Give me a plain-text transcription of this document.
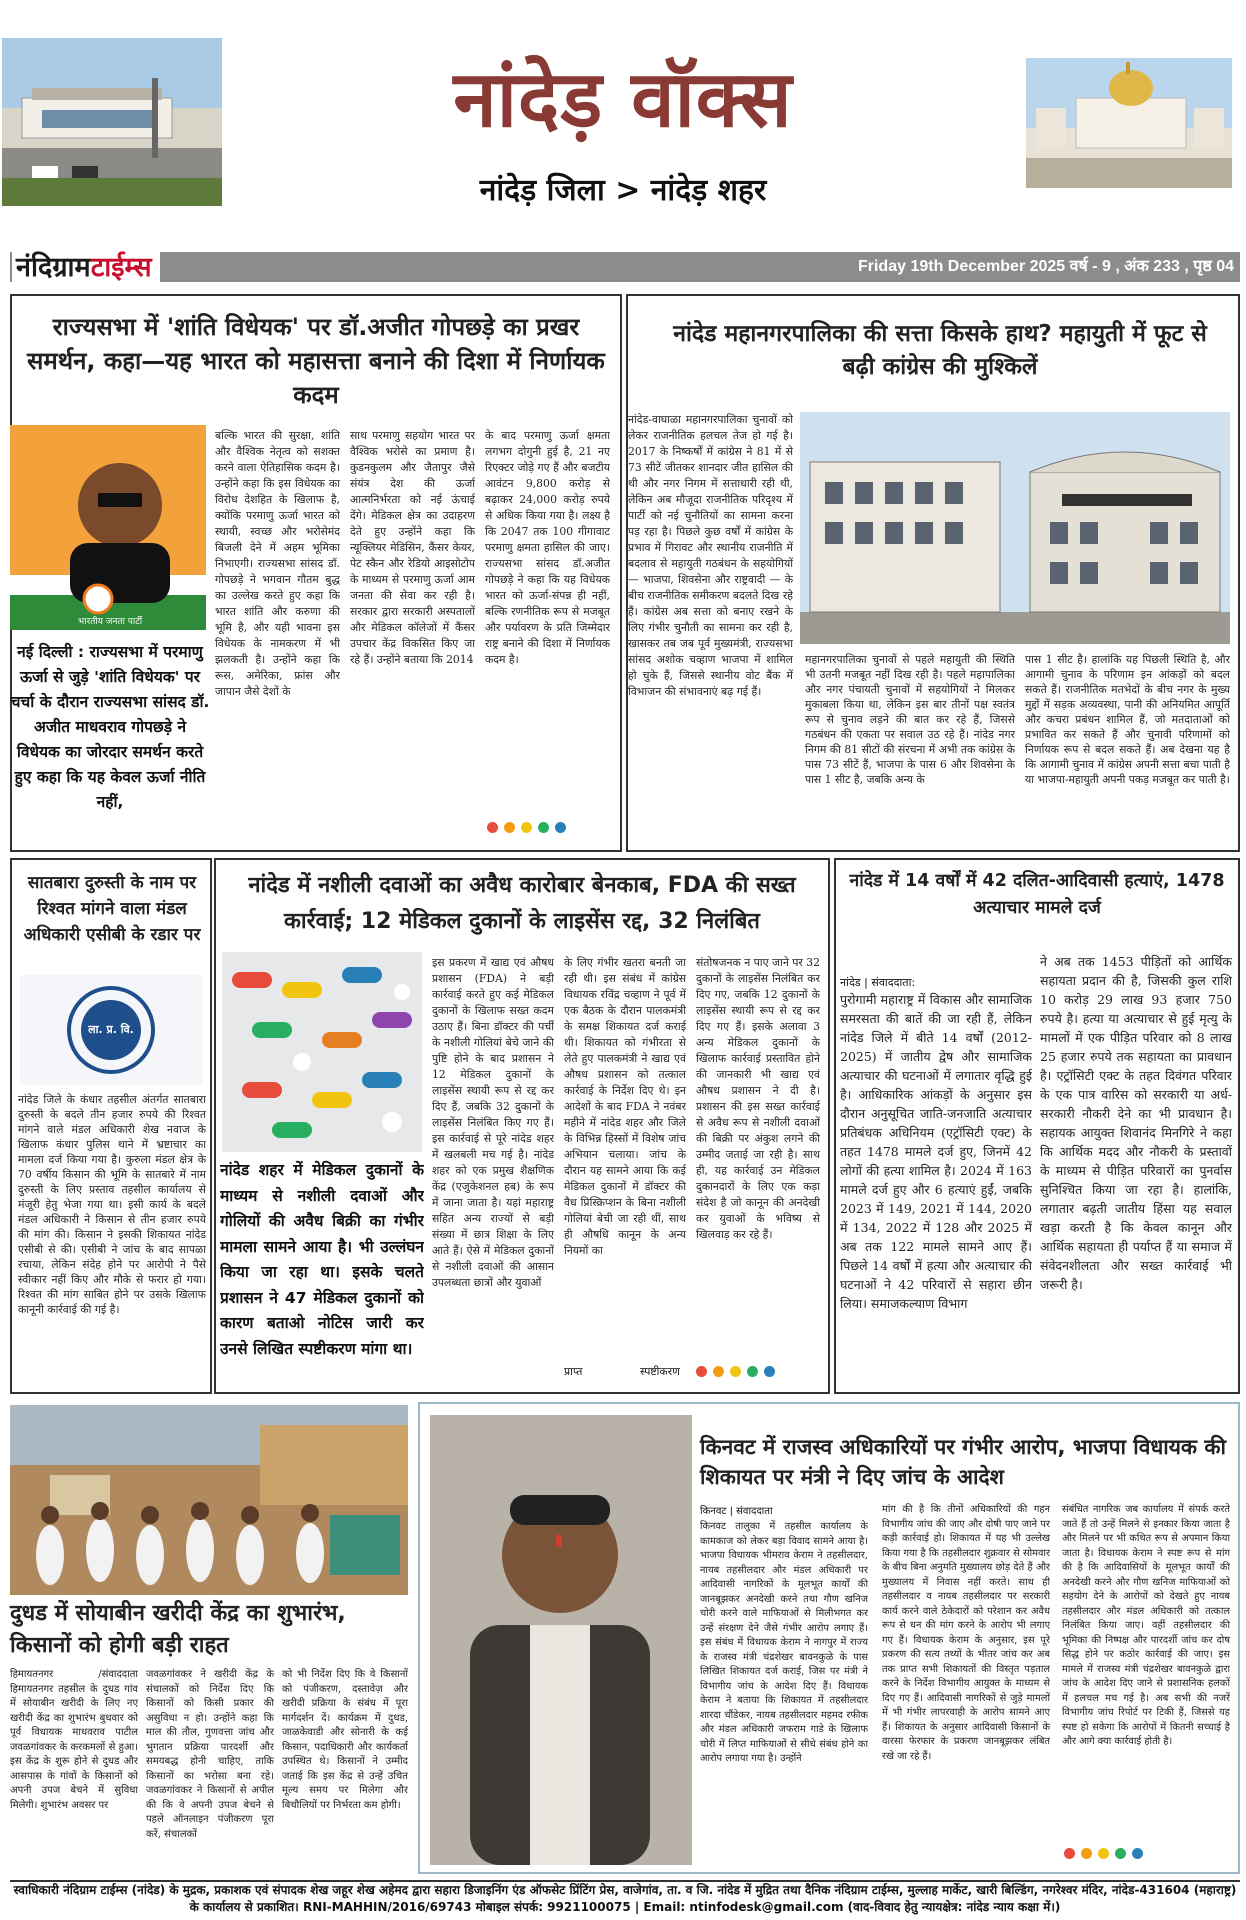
नांदेड़ वॉक्स
नांदेड़ जिला > नांदेड़ शहर
नंदिग्रामटाईम्स	Friday 19th December 2025 वर्ष - 9 , अंक 233 , पृष्ठ 04
राज्यसभा में 'शांति विधेयक' पर डॉ.अजीत गोपछड़े का प्रखर समर्थन, कहा—यह भारत को महासत्ता बनाने की दिशा में निर्णायक कदम
भारतीय जनता पार्टी
नई दिल्ली : राज्यसभा में परमाणु ऊर्जा से जुड़े 'शांति विधेयक' पर चर्चा के दौरान राज्यसभा सांसद डॉ. अजीत माधवराव गोपछड़े ने विधेयक का जोरदार समर्थन करते हुए कहा कि यह केवल ऊर्जा नीति नहीं,
बल्कि भारत की सुरक्षा, शांति और वैश्विक नेतृत्व को सशक्त करने वाला ऐतिहासिक कदम है। उन्होंने कहा कि इस विधेयक का विरोध देशहित के खिलाफ है, क्योंकि परमाणु ऊर्जा भारत को स्थायी, स्वच्छ और भरोसेमंद बिजली देने में अहम भूमिका निभाएगी। राज्यसभा सांसद डॉ. गोपछड़े ने भगवान गौतम बुद्ध का उल्लेख करते हुए कहा कि भारत शांति और करुणा की भूमि है, और यही भावना इस विधेयक के नामकरण में भी झलकती है। उन्होंने कहा कि रूस, अमेरिका, फ्रांस और जापान जैसे देशों के
साथ परमाणु सहयोग भारत पर वैश्विक भरोसे का प्रमाण है। कुडनकुलम और जैतापुर जैसे संयंत्र देश की ऊर्जा आत्मनिर्भरता को नई ऊंचाई देंगे। मेडिकल क्षेत्र का उदाहरण देते हुए उन्होंने कहा कि न्यूक्लियर मेडिसिन, कैंसर केयर, पेट स्कैन और रेडियो आइसोटोप के माध्यम से परमाणु ऊर्जा आम जनता की सेवा कर रही है। सरकार द्वारा सरकारी अस्पतालों और मेडिकल कॉलेजों में कैंसर उपचार केंद्र विकसित किए जा रहे हैं। उन्होंने बताया कि 2014
के बाद परमाणु ऊर्जा क्षमता लगभग दोगुनी हुई है, 21 नए रिएक्टर जोड़े गए हैं और बजटीय आवंटन 9,800 करोड़ से बढ़ाकर 24,000 करोड़ रुपये से अधिक किया गया है। लक्ष्य है कि 2047 तक 100 गीगावाट परमाणु क्षमता हासिल की जाए। राज्यसभा सांसद डॉ.अजीत गोपछड़े ने कहा कि यह विधेयक भारत को ऊर्जा-संपन्न ही नहीं, बल्कि रणनीतिक रूप से मजबूत और पर्यावरण के प्रति जिम्मेदार राष्ट्र बनाने की दिशा में निर्णायक कदम है।
नांदेड महानगरपालिका की सत्ता किसके हाथ? महायुती में फूट से बढ़ी कांग्रेस की मुश्किलें
नांदेड-वाघाळा महानगरपालिका चुनावों को लेकर राजनीतिक हलचल तेज हो गई है। 2017 के निष्कर्षों में कांग्रेस ने 81 में से 73 सीटें जीतकर शानदार जीत हासिल की थी और नगर निगम में सत्ताधारी रही थी, लेकिन अब मौजूदा राजनीतिक परिदृश्य में पार्टी को नई चुनौतियों का सामना करना पड़ रहा है। पिछले कुछ वर्षों में कांग्रेस के प्रभाव में गिरावट और स्थानीय राजनीति में बदलाव से महायुती गठबंधन के सहयोगियों — भाजपा, शिवसेना और राष्ट्रवादी — के बीच राजनीतिक समीकरण बदलते दिख रहे हैं। कांग्रेस अब सत्ता को बनाए रखने के लिए गंभीर चुनौती का सामना कर रही है, खासकर तब जब पूर्व मुख्यमंत्री, राज्यसभा सांसद अशोक चव्हाण भाजपा में शामिल हो चुके हैं, जिससे स्थानीय वोट बैंक में विभाजन की संभावनाएं बढ़ गई हैं।
महानगरपालिका चुनावों से पहले महायुती की स्थिति भी उतनी मजबूत नहीं दिख रही है। पहले महापालिका और नगर पंचायती चुनावों में सहयोगियों ने मिलकर मुकाबला किया था, लेकिन इस बार तीनों पक्ष स्वतंत्र रूप से चुनाव लड़ने की बात कर रहे हैं, जिससे गठबंधन की एकता पर सवाल उठ रहे हैं। नांदेड नगर निगम की 81 सीटों की संरचना में अभी तक कांग्रेस के पास 73 सीटें हैं, भाजपा के पास 6 और शिवसेना के पास 1 सीट है, जबकि अन्य के
पास 1 सीट है। हालांकि यह पिछली स्थिति है, और आगामी चुनाव के परिणाम इन आंकड़ों को बदल सकते हैं। राजनीतिक मतभेदों के बीच नगर के मुख्य मुद्दों में सड़क अव्यवस्था, पानी की अनियमित आपूर्ति और कचरा प्रबंधन शामिल हैं, जो मतदाताओं को प्रभावित कर सकते हैं और चुनावी परिणामों को निर्णायक रूप से बदल सकते हैं। अब देखना यह है कि आगामी चुनाव में कांग्रेस अपनी सत्ता बचा पाती है या भाजपा-महायुती अपनी पकड़ मजबूत कर पाती है।
सातबारा दुरुस्ती के नाम पर रिश्वत मांगने वाला मंडल अधिकारी एसीबी के रडार पर
ला. प्र. वि.
नांदेड जिले के कंधार तहसील अंतर्गत सातबारा दुरुस्ती के बदले तीन हजार रुपये की रिश्वत मांगने वाले मंडल अधिकारी शेख नवाज के खिलाफ कंधार पुलिस थाने में भ्रष्टाचार का मामला दर्ज किया गया है। कुरुला मंडल क्षेत्र के 70 वर्षीय किसान की भूमि के सातबारे में नाम दुरुस्ती के लिए प्रस्ताव तहसील कार्यालय से मंजूरी हेतु भेजा गया था। इसी कार्य के बदले मंडल अधिकारी ने किसान से तीन हजार रुपये की मांग की। किसान ने इसकी शिकायत नांदेड एसीबी से की। एसीबी ने जांच के बाद सापळा रचाया, लेकिन संदेह होने पर आरोपी ने पैसे स्वीकार नहीं किए और मौके से फरार हो गया। रिश्वत की मांग साबित होने पर उसके खिलाफ कानूनी कार्रवाई की गई है।
नांदेड में नशीली दवाओं का अवैध कारोबार बेनकाब, FDA की सख्त कार्रवाई; 12 मेडिकल दुकानों के लाइसेंस रद्द, 32 निलंबित
नांदेड शहर में मेडिकल दुकानों के माध्यम से नशीली दवाओं और गोलियों की अवैध बिक्री का गंभीर मामला सामने आया है। भी उल्लंघन किया जा रहा था। इसके चलते प्रशासन ने 47 मेडिकल दुकानों को कारण बताओ नोटिस जारी कर उनसे लिखित स्पष्टीकरण मांगा था।
इस प्रकरण में खाद्य एवं औषध प्रशासन (FDA) ने बड़ी कार्रवाई करते हुए कई मेडिकल दुकानों के खिलाफ सख्त कदम उठाए हैं। बिना डॉक्टर की पर्ची के नशीली गोलियां बेचे जाने की पुष्टि होने के बाद प्रशासन ने 12 मेडिकल दुकानों के लाइसेंस स्थायी रूप से रद्द कर दिए हैं, जबकि 32 दुकानों के लाइसेंस निलंबित किए गए हैं। इस कार्रवाई से पूरे नांदेड शहर में खलबली मच गई है। नांदेड शहर को एक प्रमुख शैक्षणिक केंद्र (एजुकेशनल हब) के रूप में जाना जाता है। यहां महाराष्ट्र सहित अन्य राज्यों से बड़ी संख्या में छात्र शिक्षा के लिए आते हैं। ऐसे में मेडिकल दुकानों से नशीली दवाओं की आसान उपलब्धता छात्रों और युवाओं
के लिए गंभीर खतरा बनती जा रही थी। इस संबंध में कांग्रेस विधायक रविंद्र चव्हाण ने पूर्व में एक बैठक के दौरान पालकमंत्री के समक्ष शिकायत दर्ज कराई थी। शिकायत को गंभीरता से लेते हुए पालकमंत्री ने खाद्य एवं औषध प्रशासन को तत्काल कार्रवाई के निर्देश दिए थे। इन आदेशों के बाद FDA ने नवंबर महीने में नांदेड शहर और जिले के विभिन्न हिस्सों में विशेष जांच अभियान चलाया। जांच के दौरान यह सामने आया कि कई मेडिकल दुकानों में डॉक्टर की वैध प्रिस्क्रिप्शन के बिना नशीली गोलियां बेची जा रही थीं, साथ ही औषधि कानून के अन्य नियमों का
संतोषजनक न पाए जाने पर 32 दुकानों के लाइसेंस निलंबित कर दिए गए, जबकि 12 दुकानों के लाइसेंस स्थायी रूप से रद्द कर दिए गए हैं। इसके अलावा 3 अन्य मेडिकल दुकानों के खिलाफ कार्रवाई प्रस्तावित होने की जानकारी भी खाद्य एवं औषध प्रशासन ने दी है। प्रशासन की इस सख्त कार्रवाई से अवैध रूप से नशीली दवाओं की बिक्री पर अंकुश लगने की उम्मीद जताई जा रही है। साथ ही, यह कार्रवाई उन मेडिकल दुकानदारों के लिए एक कड़ा संदेश है जो कानून की अनदेखी कर युवाओं के भविष्य से खिलवाड़ कर रहे हैं।
प्राप्त	स्पष्टीकरण
नांदेड में 14 वर्षों में 42 दलित-आदिवासी हत्याएं, 1478 अत्याचार मामले दर्ज
नांदेड | संवाददाता:
पुरोगामी महाराष्ट्र में विकास और सामाजिक समरसता की बातें की जा रही हैं, लेकिन नांदेड जिले में बीते 14 वर्षों (2012-2025) में जातीय द्वेष और सामाजिक अत्याचार की घटनाओं में लगातार वृद्धि हुई है। आधिकारिक आंकड़ों के अनुसार इस दौरान अनुसूचित जाति-जनजाति अत्याचार प्रतिबंधक अधिनियम (एट्रॉसिटी एक्ट) के तहत 1478 मामले दर्ज हुए, जिनमें 42 लोगों की हत्या शामिल है। 2024 में 163 मामले दर्ज हुए और 6 हत्याएं हुईं, जबकि 2023 में 149, 2021 में 144, 2020 में 134, 2022 में 128 और 2025 में अब तक 122 मामले सामने आए हैं। पिछले 14 वर्षों में हत्या और अत्याचार की घटनाओं ने 42 परिवारों से सहारा छीन लिया। समाजकल्याण विभाग
ने अब तक 1453 पीड़ितों को आर्थिक सहायता प्रदान की है, जिसकी कुल राशि 10 करोड़ 29 लाख 93 हजार 750 रुपये है। हत्या या अत्याचार से हुई मृत्यु के मामलों में एक पीड़ित परिवार को 8 लाख 25 हजार रुपये तक सहायता का प्रावधान है। एट्रॉसिटी एक्ट के तहत दिवंगत परिवार के एक पात्र वारिस को सरकारी या अर्ध-सरकारी नौकरी देने का भी प्रावधान है। सहायक आयुक्त शिवानंद मिनगिरे ने कहा कि आर्थिक मदद और नौकरी के प्रस्तावों के माध्यम से पीड़ित परिवारों का पुनर्वास सुनिश्चित किया जा रहा है। हालांकि, लगातार बढ़ती जातीय हिंसा यह सवाल खड़ा करती है कि केवल कानून और आर्थिक सहायता ही पर्याप्त हैं या समाज में संवेदनशीलता और सख्त कार्रवाई भी जरूरी है।
दुधड में सोयाबीन खरीदी केंद्र का शुभारंभ, किसानों को होगी बड़ी राहत
हिमायतनगर /संवाददाता हिमायतनगर तहसील के दुधड गांव में सोयाबीन खरीदी के लिए नए खरीदी केंद्र का शुभारंभ बुधवार को पूर्व विधायक माधवराव पाटील जवळगांवकर के करकमलों से हुआ। इस केंद्र के शुरू होने से दुधड और आसपास के गांवों के किसानों को अपनी उपज बेचने में सुविधा मिलेगी। शुभारंभ अवसर पर
जवळगांवकर ने खरीदी केंद्र के संचालकों को निर्देश दिए कि किसानों को किसी प्रकार की असुविधा न हो। उन्होंने कहा कि माल की तौल, गुणवत्ता जांच और भुगतान प्रक्रिया पारदर्शी और समयबद्ध होनी चाहिए, ताकि किसानों का भरोसा बना रहे। जवळगांवकर ने किसानों से अपील की कि वे अपनी उपज बेचने से पहले ऑनलाइन पंजीकरण पूरा करें, संचालकों
को भी निर्देश दिए कि वे किसानों को पंजीकरण, दस्तावेज़ और खरीदी प्रक्रिया के संबंध में पूरा मार्गदर्शन दें। कार्यक्रम में दुधड, जाळकेवाडी और सोनारी के कई किसान, पदाधिकारी और कार्यकर्ता उपस्थित थे। किसानों ने उम्मीद जताई कि इस केंद्र से उन्हें उचित मूल्य समय पर मिलेगा और बिचौलियों पर निर्भरता कम होगी।
किनवट में राजस्व अधिकारियों पर गंभीर आरोप, भाजपा विधायक की शिकायत पर मंत्री ने दिए जांच के आदेश
किनवट | संवाददाता
किनवट तालुका में तहसील कार्यालय के कामकाज को लेकर बड़ा विवाद सामने आया है। भाजपा विधायक भीमराव केराम ने तहसीलदार, नायब तहसीलदार और मंडल अधिकारी पर आदिवासी नागरिकों के मूलभूत कार्यों की जानबूझकर अनदेखी करने तथा गौण खनिज चोरी करने वाले माफियाओं से मिलीभगत कर उन्हें संरक्षण देने जैसे गंभीर आरोप लगाए हैं। इस संबंध में विधायक केराम ने नागपुर में राज्य के राजस्व मंत्री चंद्रशेखर बावनकुळे के पास लिखित शिकायत दर्ज कराई, जिस पर मंत्री ने विभागीय जांच के आदेश दिए हैं। विधायक केराम ने बताया कि शिकायत में तहसीलदार शारदा चौंडेकर, नायब तहसीलदार महमद रफीक और मंडल अधिकारी जफराम गाडे के खिलाफ चोरी में लिप्त माफियाओं से सीधे संबंध होने का आरोप लगाया गया है। उन्होंने
मांग की है कि तीनों अधिकारियों की गहन विभागीय जांच की जाए और दोषी पाए जाने पर कड़ी कार्रवाई हो। शिकायत में यह भी उल्लेख किया गया है कि तहसीलदार शुक्रवार से सोमवार के बीच बिना अनुमति मुख्यालय छोड़ देते हैं और मुख्यालय में निवास नहीं करते। साथ ही तहसीलदार व नायब तहसीलदार पर सरकारी कार्य करने वाले ठेकेदारों को परेशान कर अवैध रूप से धन की मांग करने के आरोप भी लगाए गए हैं। विधायक केराम के अनुसार, इस पूरे प्रकरण की सत्य तथ्यों के भीतर जांच कर अब तक प्राप्त सभी शिकायतों की विस्तृत पड़ताल करने के निर्देश विभागीय आयुक्त के माध्यम से दिए गए हैं। आदिवासी नागरिकों से जुड़े मामलों में भी गंभीर लापरवाही के आरोप सामने आए हैं। शिकायत के अनुसार आदिवासी किसानों के वारसा फेरफार के प्रकरण जानबूझकर लंबित रखे जा रहे हैं।
संबंधित नागरिक जब कार्यालय में संपर्क करते जाते हैं तो उन्हें मिलने से इनकार किया जाता है और मिलने पर भी कथित रूप से अपमान किया जाता है। विधायक केराम ने स्पष्ट रूप से मांग की है कि आदिवासियों के मूलभूत कार्यों की अनदेखी करने और गौण खनिज माफियाओं को सहयोग देने के आरोपों को देखते हुए नायब तहसीलदार और मंडल अधिकारी को तत्काल निलंबित किया जाए। वहीं तहसीलदार की भूमिका की निष्पक्ष और पारदर्शी जांच कर दोष सिद्ध होने पर कठोर कार्रवाई की जाए। इस मामले में राजस्व मंत्री चंद्रशेखर बावनकुळे द्वारा जांच के आदेश दिए जाने से प्रशासनिक हलकों में हलचल मच गई है। अब सभी की नजरें विभागीय जांच रिपोर्ट पर टिकी हैं, जिससे यह स्पष्ट हो सकेगा कि आरोपों में कितनी सच्चाई है और आगे क्या कार्रवाई होती है।
स्वाधिकारी नंदिग्राम टाईम्स (नांदेड) के मुद्रक, प्रकाशक एवं संपादक शेख जहूर शेख अहेमद द्वारा सहारा डिजाइनिंग एंड ऑफसेट प्रिंटिंग प्रेस, वाजेगांव, ता. व जि. नांदेड में मुद्रित तथा दैनिक नंदिग्राम टाईम्स, मुल्लाह मार्केट, खारी बिल्डिंग, नगरेश्वर मंदिर, नांदेड-431604 (महाराष्ट्र) के कार्यालय से प्रकाशित। RNI-MAHHIN/2016/69743 मोबाइल संपर्क: 9921100075 | Email: ntinfodesk@gmail.com (वाद-विवाद हेतु न्यायक्षेत्र: नांदेड न्याय कक्षा में।)
